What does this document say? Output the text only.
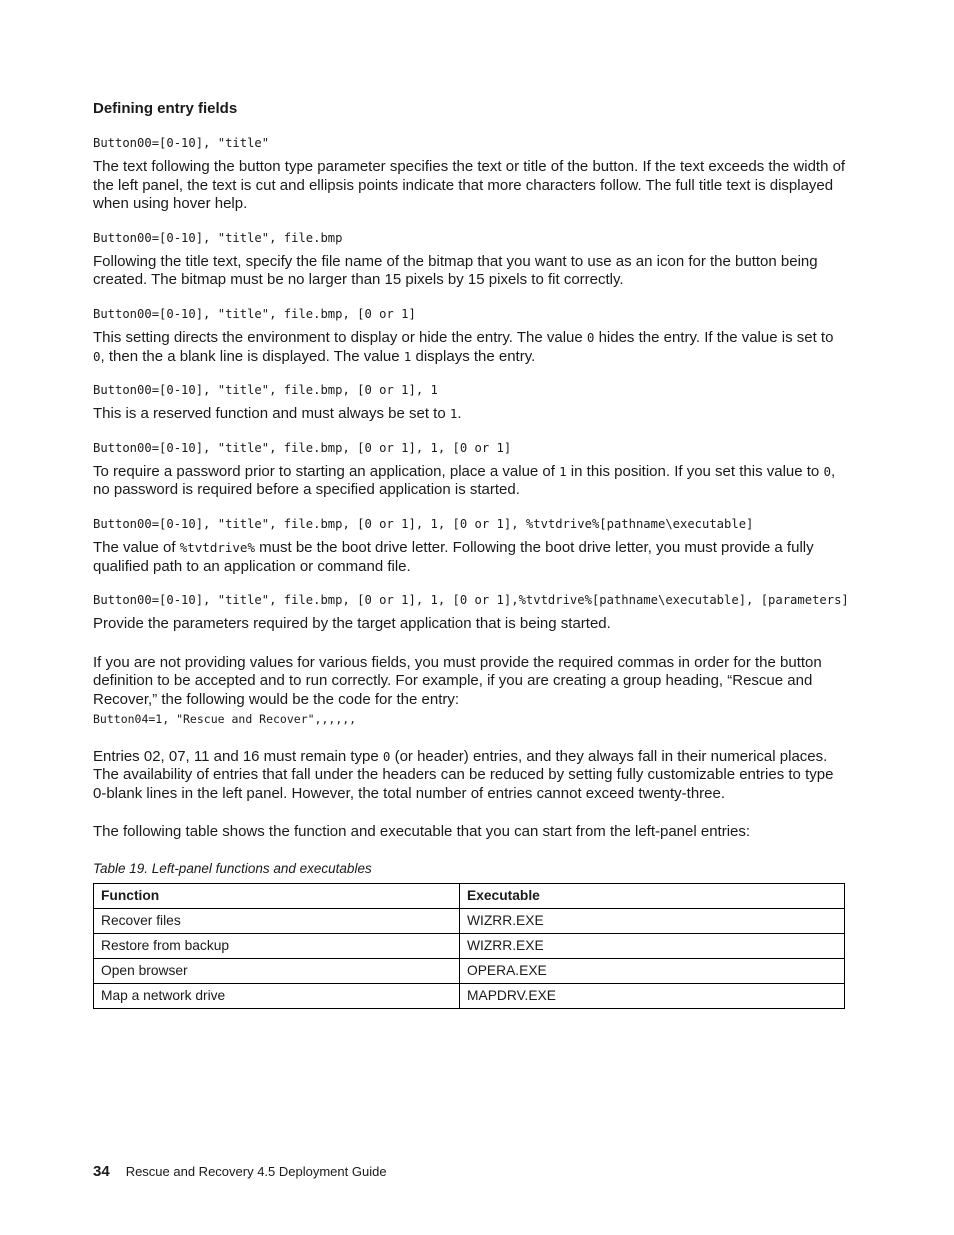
Defining entry fields
Button00=[0-10], "title"

The text following the button type parameter specifies the text or title of the button. If the text exceeds the width of the left panel, the text is cut and ellipsis points indicate that more characters follow. The full title text is displayed when using hover help.

Button00=[0-10], "title", file.bmp

Following the title text, specify the file name of the bitmap that you want to use as an icon for the button being created. The bitmap must be no larger than 15 pixels by 15 pixels to fit correctly.

Button00=[0-10], "title", file.bmp, [0 or 1]

This setting directs the environment to display or hide the entry. The value 0 hides the entry. If the value is set to 0, then the a blank line is displayed. The value 1 displays the entry.

Button00=[0-10], "title", file.bmp, [0 or 1], 1

This is a reserved function and must always be set to 1.

Button00=[0-10], "title", file.bmp, [0 or 1], 1, [0 or 1]

To require a password prior to starting an application, place a value of 1 in this position. If you set this value to 0, no password is required before a specified application is started.

Button00=[0-10], "title", file.bmp, [0 or 1], 1, [0 or 1], %tvtdrive%[pathname\executable]

The value of %tvtdrive% must be the boot drive letter. Following the boot drive letter, you must provide a fully qualified path to an application or command file.

Button00=[0-10], "title", file.bmp, [0 or 1], 1, [0 or 1],%tvtdrive%[pathname\executable], [parameters]

Provide the parameters required by the target application that is being started.

If you are not providing values for various fields, you must provide the required commas in order for the button definition to be accepted and to run correctly. For example, if you are creating a group heading, “Rescue and Recover,” the following would be the code for the entry:
Button04=1, "Rescue and Recover",,,,,,

Entries 02, 07, 11 and 16 must remain type 0 (or header) entries, and they always fall in their numerical places. The availability of entries that fall under the headers can be reduced by setting fully customizable entries to type 0-blank lines in the left panel. However, the total number of entries cannot exceed twenty-three.

The following table shows the function and executable that you can start from the left-panel entries:

Table 19. Left-panel functions and executables
Function	Executable
Recover files	WIZRR.EXE
Restore from backup	WIZRR.EXE
Open browser	OPERA.EXE
Map a network drive	MAPDRV.EXE
34 Rescue and Recovery 4.5 Deployment Guide
